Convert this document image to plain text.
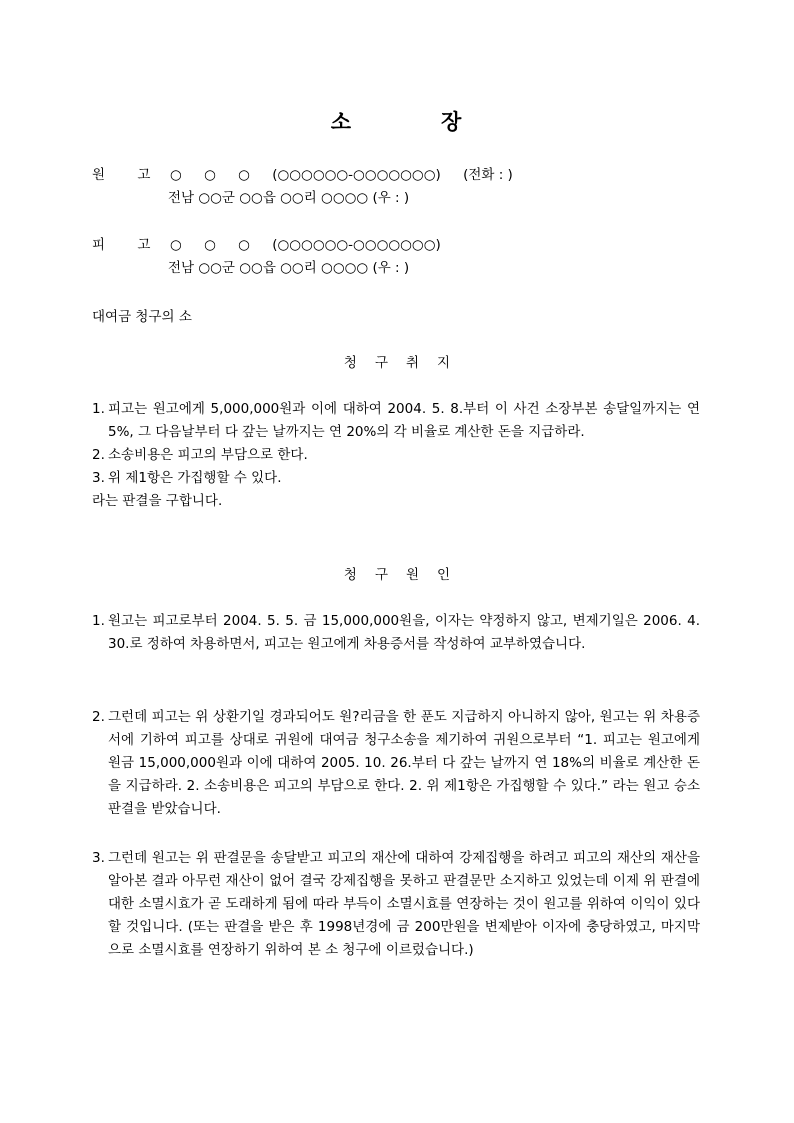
소	장
원 고 ○ ○ ○ (○○○○○○-○○○○○○○) (전화 : )
전남 ○○군 ○○읍 ○○리 ○○○○ (우 : )
피 고 ○ ○ ○ (○○○○○○-○○○○○○○)
전남 ○○군 ○○읍 ○○리 ○○○○ (우 : )
대여금 청구의 소
청구취지
1. 피고는 원고에게 5,000,000원과 이에 대하여 2004. 5. 8.부터 이 사건 소장부본 송달일까지는 연 5%, 그 다음날부터 다 갚는 날까지는 연 20%의 각 비율로 계산한 돈을 지급하라.
2. 소송비용은 피고의 부담으로 한다.
3. 위 제1항은 가집행할 수 있다.
라는 판결을 구합니다.
청구원인
1. 원고는 피고로부터 2004. 5. 5. 금 15,000,000원을, 이자는 약정하지 않고, 변제기일은 2006. 4. 30.로 정하여 차용하면서, 피고는 원고에게 차용증서를 작성하여 교부하였습니다.
2. 그런데 피고는 위 상환기일 경과되어도 원?리금을 한 푼도 지급하지 아니하지 않아, 원고는 위 차용증서에 기하여 피고를 상대로 귀원에 대여금 청구소송을 제기하여 귀원으로부터 “1. 피고는 원고에게 원금 15,000,000원과 이에 대하여 2005. 10. 26.부터 다 갚는 날까지 연 18%의 비율로 계산한 돈을 지급하라. 2. 소송비용은 피고의 부담으로 한다. 2. 위 제1항은 가집행할 수 있다.” 라는 원고 승소 판결을 받았습니다.
3. 그런데 원고는 위 판결문을 송달받고 피고의 재산에 대하여 강제집행을 하려고 피고의 재산의 재산을 알아본 결과 아무런 재산이 없어 결국 강제집행을 못하고 판결문만 소지하고 있었는데 이제 위 판결에 대한 소멸시효가 곧 도래하게 됨에 따라 부득이 소멸시효를 연장하는 것이 원고를 위하여 이익이 있다 할 것입니다. (또는 판결을 받은 후 1998년경에 금 200만원을 변제받아 이자에 충당하였고, 마지막으로 소멸시효를 연장하기 위하여 본 소 청구에 이르렀습니다.)
